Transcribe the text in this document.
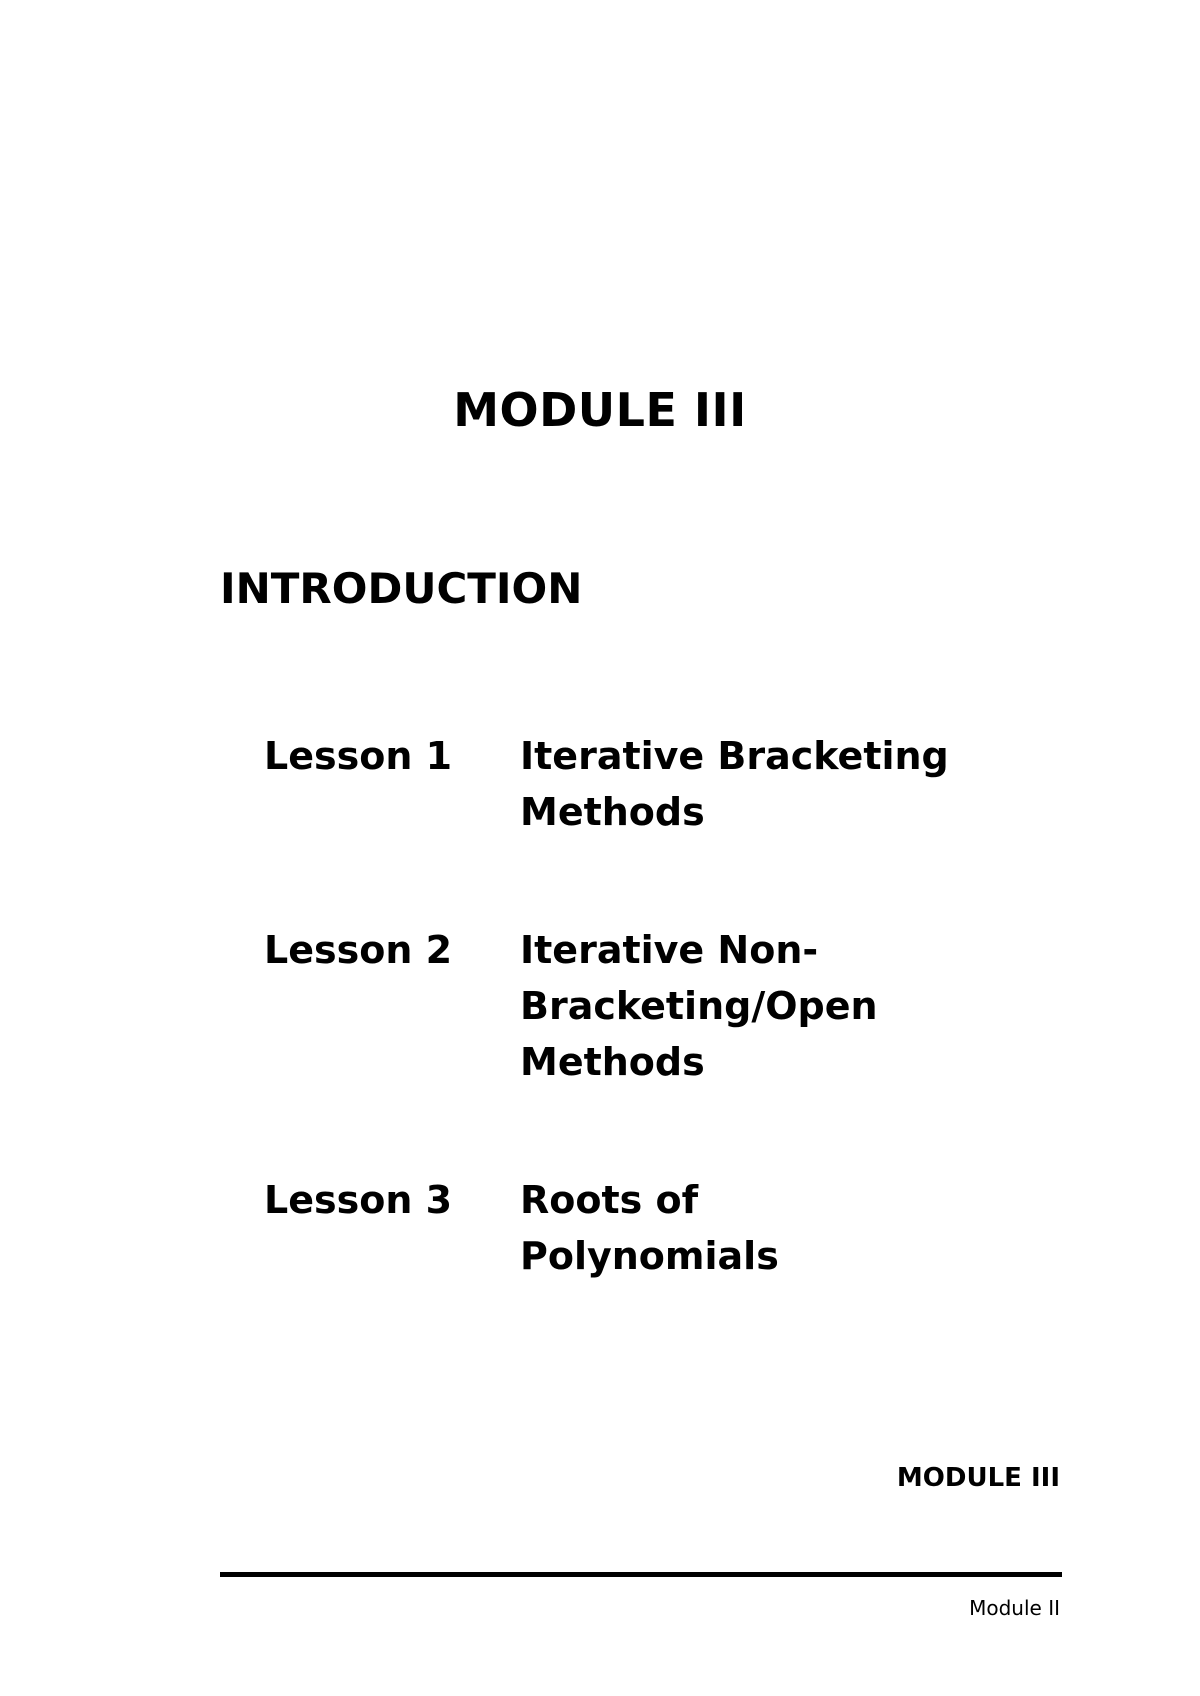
MODULE III
INTRODUCTION
Lesson 1	Iterative Bracketing Methods
Lesson 2	Iterative Non-Bracketing/Open Methods
Lesson 3	Roots of Polynomials

MODULE III

Module II
